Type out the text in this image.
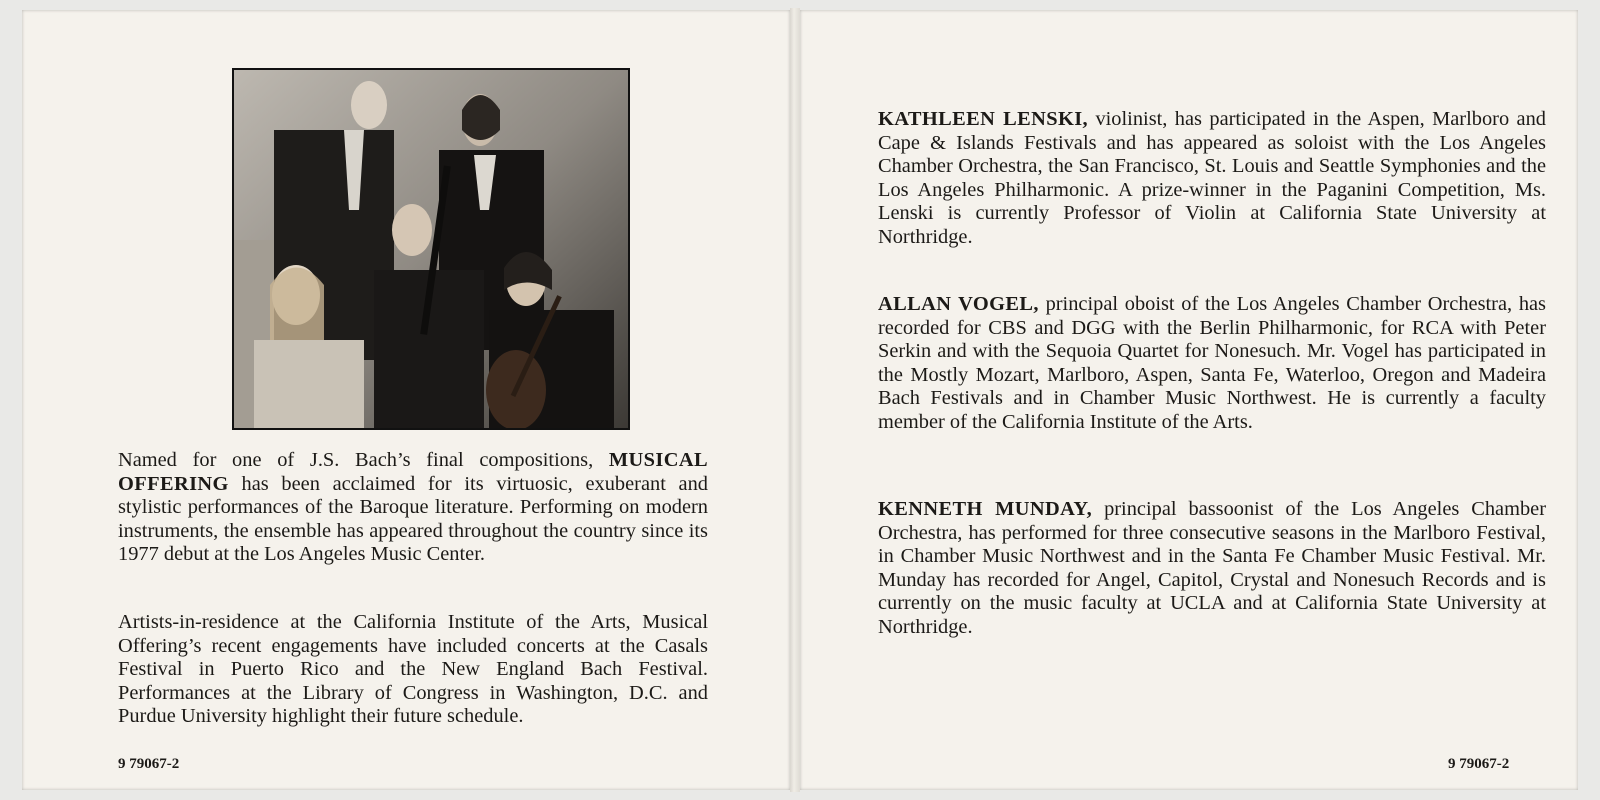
Named for one of J.S. Bach’s final compositions, MUSICAL OFFERING has been acclaimed for its virtuosic, exuberant and stylistic performances of the Baroque literature. Performing on modern instruments, the ensemble has appeared throughout the country since its 1977 debut at the Los Angeles Music Center.

Artists-in-residence at the California Institute of the Arts, Musical Offering’s recent engagements have included concerts at the Casals Festival in Puerto Rico and the New England Bach Festival. Performances at the Library of Congress in Washington, D.C. and Purdue University highlight their future schedule.

9 79067-2

KATHLEEN LENSKI, violinist, has participated in the Aspen, Marlboro and Cape & Islands Festivals and has appeared as soloist with the Los Angeles Chamber Orchestra, the San Francisco, St. Louis and Seattle Symphonies and the Los Angeles Philharmonic. A prize-winner in the Paganini Competition, Ms. Lenski is currently Professor of Violin at California State University at Northridge.

ALLAN VOGEL, principal oboist of the Los Angeles Chamber Orchestra, has recorded for CBS and DGG with the Berlin Philharmonic, for RCA with Peter Serkin and with the Sequoia Quartet for Nonesuch. Mr. Vogel has participated in the Mostly Mozart, Marlboro, Aspen, Santa Fe, Waterloo, Oregon and Madeira Bach Festivals and in Chamber Music Northwest. He is currently a faculty member of the California Institute of the Arts.

KENNETH MUNDAY, principal bassoonist of the Los Angeles Chamber Orchestra, has performed for three consecutive seasons in the Marlboro Festival, in Chamber Music Northwest and in the Santa Fe Chamber Music Festival. Mr. Munday has recorded for Angel, Capitol, Crystal and Nonesuch Records and is currently on the music faculty at UCLA and at California State University at Northridge.

9 79067-2
